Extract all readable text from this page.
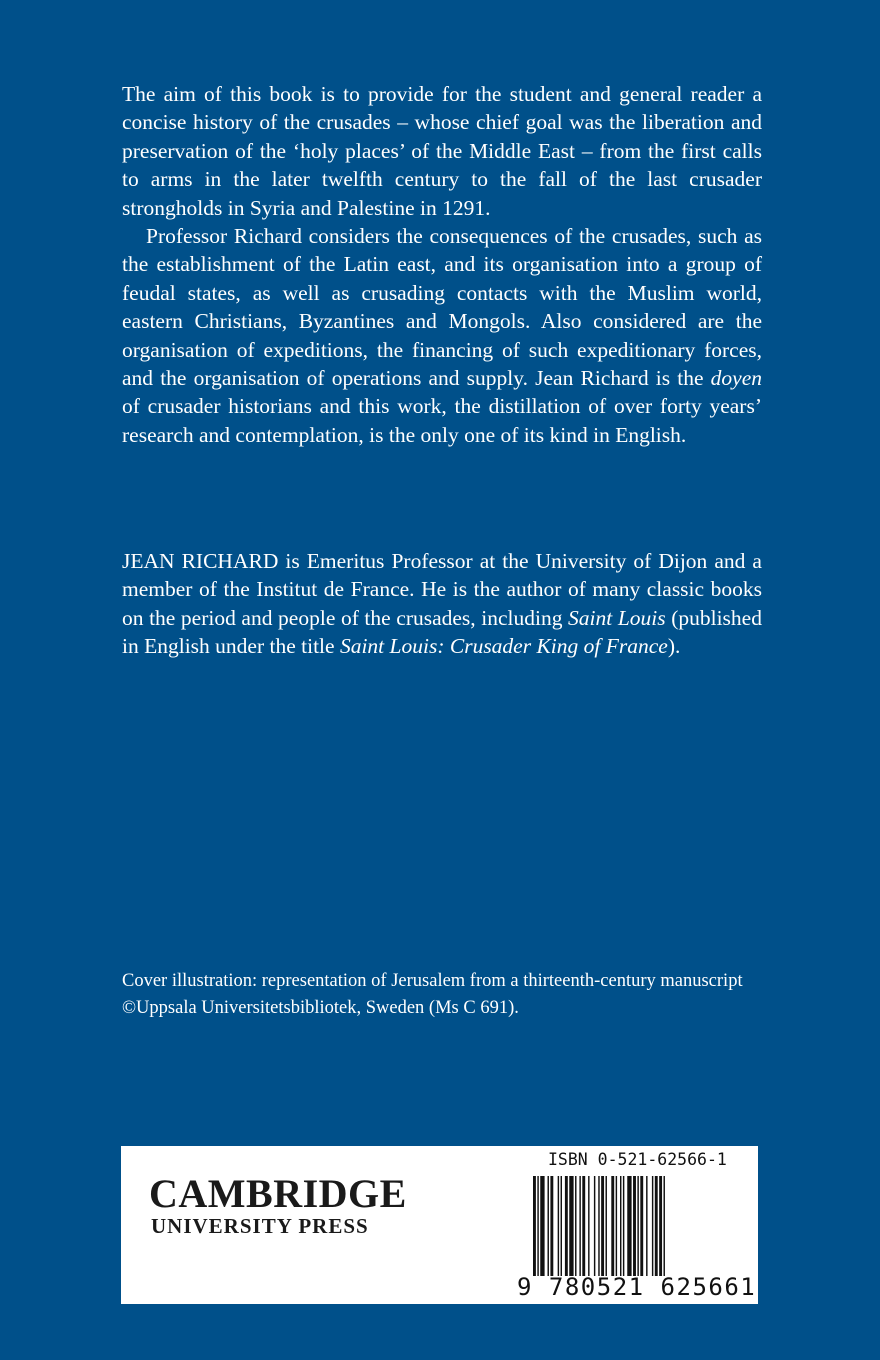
The aim of this book is to provide for the student and general reader a concise history of the crusades – whose chief goal was the liberation and preservation of the ‘holy places’ of the Middle East – from the first calls to arms in the later twelfth century to the fall of the last crusader strongholds in Syria and Palestine in 1291.

Professor Richard considers the consequences of the crusades, such as the establishment of the Latin east, and its organisation into a group of feudal states, as well as crusading contacts with the Muslim world, eastern Christians, Byzantines and Mongols. Also considered are the organisation of expeditions, the financing of such expeditionary forces, and the organisation of operations and supply. Jean Richard is the doyen of crusader historians and this work, the distillation of over forty years’ research and contemplation, is the only one of its kind in English.

JEAN RICHARD is Emeritus Professor at the University of Dijon and a member of the Institut de France. He is the author of many classic books on the period and people of the crusades, including Saint Louis (published in English under the title Saint Louis: Crusader King of France).

Cover illustration: representation of Jerusalem from a thirteenth-century manuscript ©Uppsala Universitetsbibliotek, Sweden (Ms C 691).

CAMBRIDGE
UNIVERSITY PRESS
ISBN 0-521-62566-1
9 780521 625661
